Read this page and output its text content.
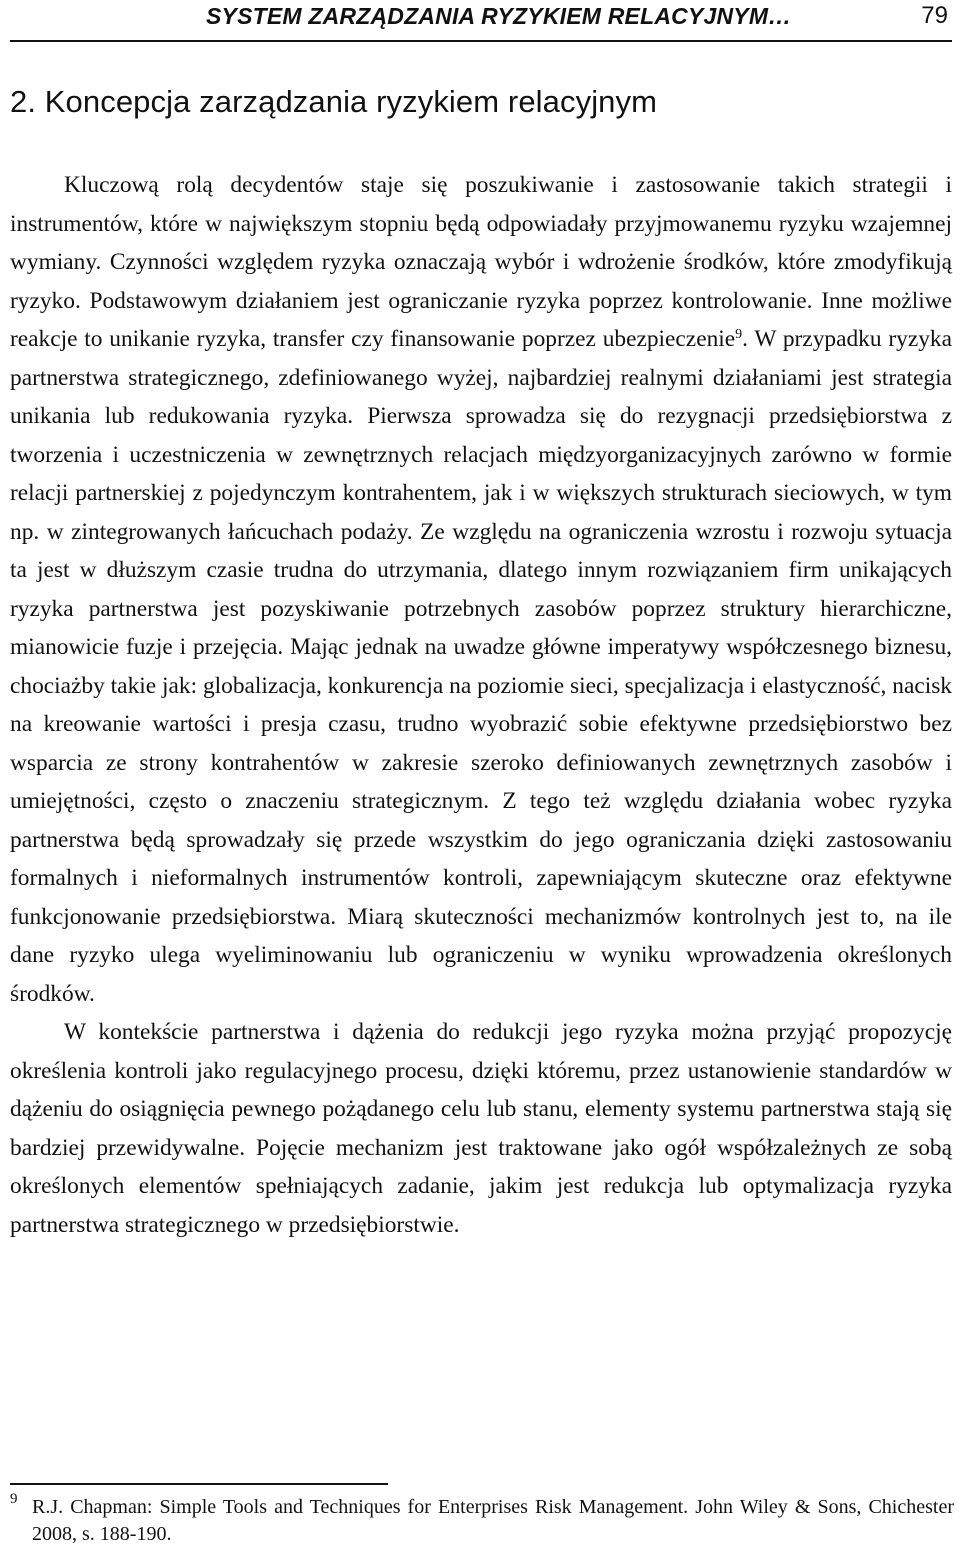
SYSTEM ZARZĄDZANIA RYZYKIEM RELACYJNYM…	79
2. Koncepcja zarządzania ryzykiem relacyjnym

Kluczową rolą decydentów staje się poszukiwanie i zastosowanie takich strategii i instrumentów, które w największym stopniu będą odpowiadały przyjmowanemu ryzyku wzajemnej wymiany. Czynności względem ryzyka oznaczają wybór i wdrożenie środków, które zmodyfikują ryzyko. Podstawowym działaniem jest ograniczanie ryzyka poprzez kontrolowanie. Inne możliwe reakcje to unikanie ryzyka, transfer czy finansowanie poprzez ubezpieczenie$^9$. W przypadku ryzyka partnerstwa strategicznego, zdefiniowanego wyżej, najbardziej realnymi działaniami jest strategia unikania lub redukowania ryzyka. Pierwsza sprowadza się do rezygnacji przedsiębiorstwa z tworzenia i uczestniczenia w zewnętrznych relacjach międzyorganizacyjnych zarówno w formie relacji partnerskiej z pojedynczym kontrahentem, jak i w większych strukturach sieciowych, w tym np. w zintegrowanych łańcuchach podaży. Ze względu na ograniczenia wzrostu i rozwoju sytuacja ta jest w dłuższym czasie trudna do utrzymania, dlatego innym rozwiązaniem firm unikających ryzyka partnerstwa jest pozyskiwanie potrzebnych zasobów poprzez struktury hierarchiczne, mianowicie fuzje i przejęcia. Mając jednak na uwadze główne imperatywy współczesnego biznesu, chociażby takie jak: globalizacja, konkurencja na poziomie sieci, specjalizacja i elastyczność, nacisk na kreowanie wartości i presja czasu, trudno wyobrazić sobie efektywne przedsiębiorstwo bez wsparcia ze strony kontrahentów w zakresie szeroko definiowanych zewnętrznych zasobów i umiejętności, często o znaczeniu strategicznym. Z tego też względu działania wobec ryzyka partnerstwa będą sprowadzały się przede wszystkim do jego ograniczania dzięki zastosowaniu formalnych i nieformalnych instrumentów kontroli, zapewniającym skuteczne oraz efektywne funkcjonowanie przedsiębiorstwa. Miarą skuteczności mechanizmów kontrolnych jest to, na ile dane ryzyko ulega wyeliminowaniu lub ograniczeniu w wyniku wprowadzenia określonych środków.

W kontekście partnerstwa i dążenia do redukcji jego ryzyka można przyjąć propozycję określenia kontroli jako regulacyjnego procesu, dzięki któremu, przez ustanowienie standardów w dążeniu do osiągnięcia pewnego pożądanego celu lub stanu, elementy systemu partnerstwa stają się bardziej przewidywalne. Pojęcie mechanizm jest traktowane jako ogół współzależnych ze sobą określonych elementów spełniających zadanie, jakim jest redukcja lub optymalizacja ryzyka partnerstwa strategicznego w przedsiębiorstwie.

9 R.J. Chapman: Simple Tools and Techniques for Enterprises Risk Management. John Wiley & Sons, Chichester 2008, s. 188-190.
